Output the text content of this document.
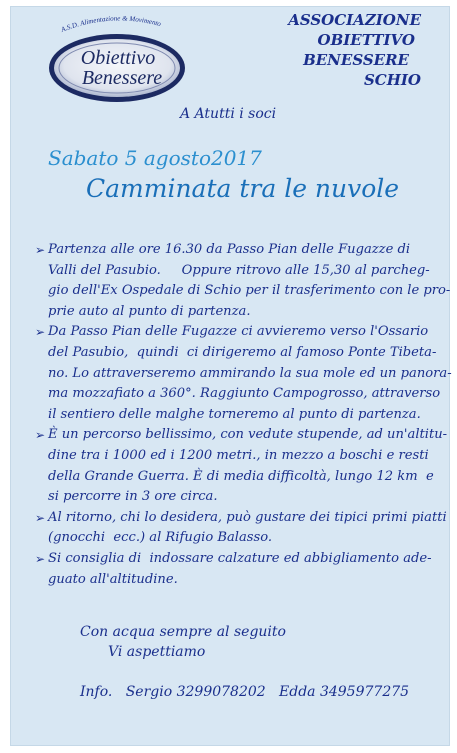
A.S.D. Alimentazione & Movimento
Obiettivo
Benessere
ASSOCIAZIONE
OBIETTIVO
BENESSERE
SCHIO
A Atutti i soci
Sabato 5 agosto2017
Camminata tra le nuvole
➢ Partenza alle ore 16.30 da Passo Pian delle Fugazze di
Valli del Pasubio.     Oppure ritrovo alle 15,30 al parcheg-
gio dell'Ex Ospedale di Schio per il trasferimento con le pro-
prie auto al punto di partenza.
➢ Da Passo Pian delle Fugazze ci avvieremo verso l'Ossario
del Pasubio,  quindi  ci dirigeremo al famoso Ponte Tibeta-
no. Lo attraverseremo ammirando la sua mole ed un panora-
ma mozzafiato a 360°. Raggiunto Campogrosso, attraverso
il sentiero delle malghe torneremo al punto di partenza.
➢ È un percorso bellissimo, con vedute stupende, ad un'altitu-
dine tra i 1000 ed i 1200 metri., in mezzo a boschi e resti
della Grande Guerra. È di media difficoltà, lungo 12 km  e
si percorre in 3 ore circa.
➢ Al ritorno, chi lo desidera, può gustare dei tipici primi piatti
(gnocchi  ecc.) al Rifugio Balasso.
➢ Si consiglia di  indossare calzature ed abbigliamento ade-
guato all'altitudine.
Con acqua sempre al seguito
Vi aspettiamo
Info.   Sergio 3299078202   Edda 3495977275
